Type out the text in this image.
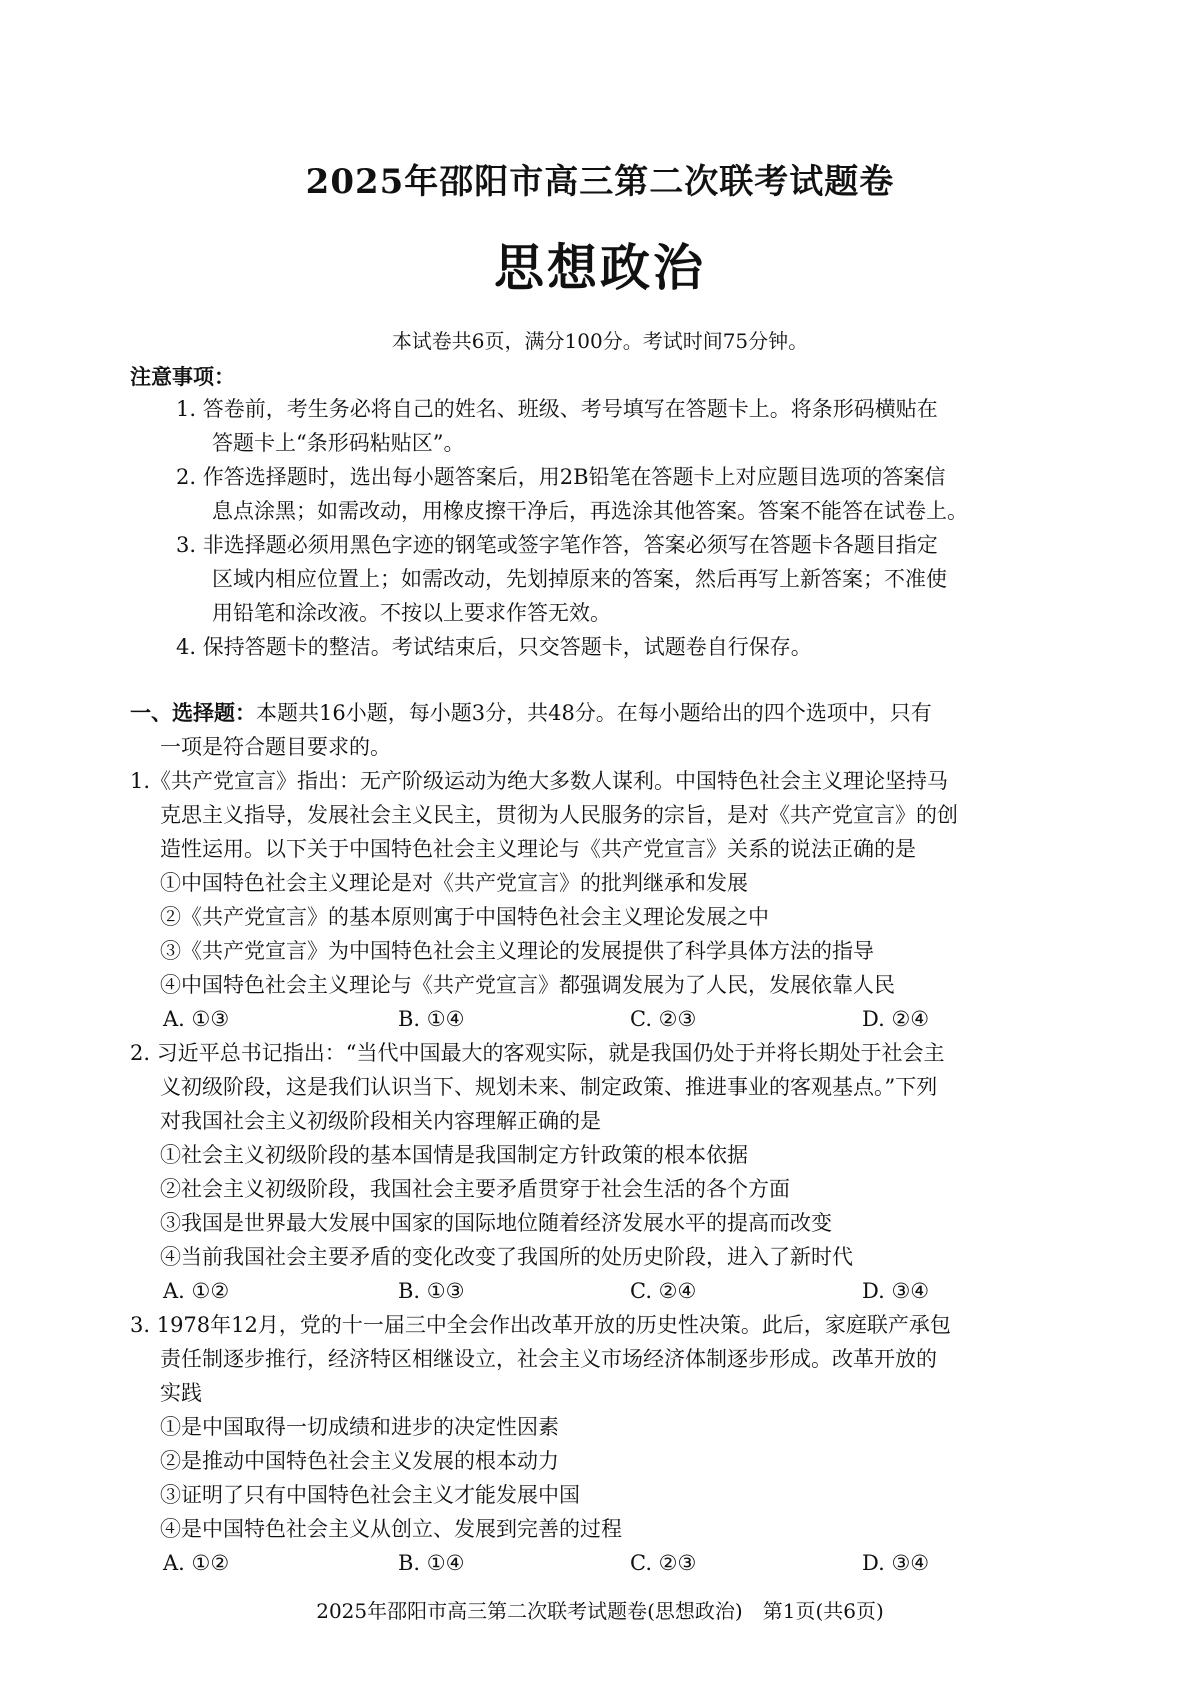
2025年邵阳市高三第二次联考试题卷
思想政治
本试卷共6页，满分100分。考试时间75分钟。
注意事项：
1. 答卷前，考生务必将自己的姓名、班级、考号填写在答题卡上。将条形码横贴在
答题卡上“条形码粘贴区”。
2. 作答选择题时，选出每小题答案后，用2B铅笔在答题卡上对应题目选项的答案信
息点涂黑；如需改动，用橡皮擦干净后，再选涂其他答案。答案不能答在试卷上。
3. 非选择题必须用黑色字迹的钢笔或签字笔作答，答案必须写在答题卡各题目指定
区域内相应位置上；如需改动，先划掉原来的答案，然后再写上新答案；不准使
用铅笔和涂改液。不按以上要求作答无效。
4. 保持答题卡的整洁。考试结束后，只交答题卡，试题卷自行保存。
一、选择题：本题共16小题，每小题3分，共48分。在每小题给出的四个选项中，只有
一项是符合题目要求的。
1.《共产党宣言》指出：无产阶级运动为绝大多数人谋利。中国特色社会主义理论坚持马
克思主义指导，发展社会主义民主，贯彻为人民服务的宗旨，是对《共产党宣言》的创
造性运用。以下关于中国特色社会主义理论与《共产党宣言》关系的说法正确的是
①中国特色社会主义理论是对《共产党宣言》的批判继承和发展
②《共产党宣言》的基本原则寓于中国特色社会主义理论发展之中
③《共产党宣言》为中国特色社会主义理论的发展提供了科学具体方法的指导
④中国特色社会主义理论与《共产党宣言》都强调发展为了人民，发展依靠人民
A. ①③	B. ①④	C. ②③	D. ②④
2. 习近平总书记指出：“当代中国最大的客观实际，就是我国仍处于并将长期处于社会主
义初级阶段，这是我们认识当下、规划未来、制定政策、推进事业的客观基点。”下列
对我国社会主义初级阶段相关内容理解正确的是
①社会主义初级阶段的基本国情是我国制定方针政策的根本依据
②社会主义初级阶段，我国社会主要矛盾贯穿于社会生活的各个方面
③我国是世界最大发展中国家的国际地位随着经济发展水平的提高而改变
④当前我国社会主要矛盾的变化改变了我国所的处历史阶段，进入了新时代
A. ①②	B. ①③	C. ②④	D. ③④
3. 1978年12月，党的十一届三中全会作出改革开放的历史性决策。此后，家庭联产承包
责任制逐步推行，经济特区相继设立，社会主义市场经济体制逐步形成。改革开放的
实践
①是中国取得一切成绩和进步的决定性因素
②是推动中国特色社会主义发展的根本动力
③证明了只有中国特色社会主义才能发展中国
④是中国特色社会主义从创立、发展到完善的过程
A. ①②	B. ①④	C. ②③	D. ③④
2025年邵阳市高三第二次联考试题卷(思想政治)　第1页(共6页)
